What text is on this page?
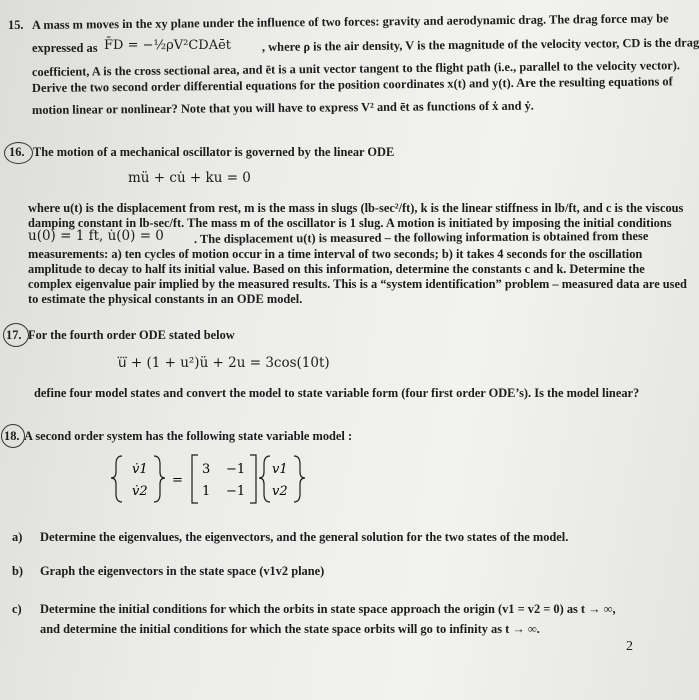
15. A mass m moves in the xy plane under the influence of two forces: gravity and aerodynamic drag. The drag force may be
expressed as F̄D = −½ρV²CDAēt , where ρ is the air density, V is the magnitude of the velocity vector, CD is the drag
coefficient, A is the cross sectional area, and ēt is a unit vector tangent to the flight path (i.e., parallel to the velocity vector).
Derive the two second order differential equations for the position coordinates x(t) and y(t). Are the resulting equations of
motion linear or nonlinear? Note that you will have to express V² and ēt as functions of ẋ and ẏ.
16. The motion of a mechanical oscillator is governed by the linear ODE
mü + cu̇ + ku = 0
where u(t) is the displacement from rest, m is the mass in slugs (lb-sec²/ft), k is the linear stiffness in lb/ft, and c is the viscous
damping constant in lb-sec/ft. The mass m of the oscillator is 1 slug. A motion is initiated by imposing the initial conditions
u(0) = 1 ft, u̇(0) = 0 . The displacement u(t) is measured – the following information is obtained from these
measurements: a) ten cycles of motion occur in a time interval of two seconds; b) it takes 4 seconds for the oscillation
amplitude to decay to half its initial value. Based on this information, determine the constants c and k. Determine the
complex eigenvalue pair implied by the measured results. This is a “system identification” problem – measured data are used
to estimate the physical constants in an ODE model.
17. For the fourth order ODE stated below
u⃜ + (1 + u²)ü + 2u = 3cos(10t)
define four model states and convert the model to state variable form (four first order ODE’s). Is the model linear?
18. A second order system has the following state variable model :
v̇1
v̇2
=
3 −1
1 −1
v1
v2
a) Determine the eigenvalues, the eigenvectors, and the general solution for the two states of the model.
b) Graph the eigenvectors in the state space (v1v2 plane)
c) Determine the initial conditions for which the orbits in state space approach the origin (v1 = v2 = 0) as t → ∞,
and determine the initial conditions for which the state space orbits will go to infinity as t → ∞.
2
